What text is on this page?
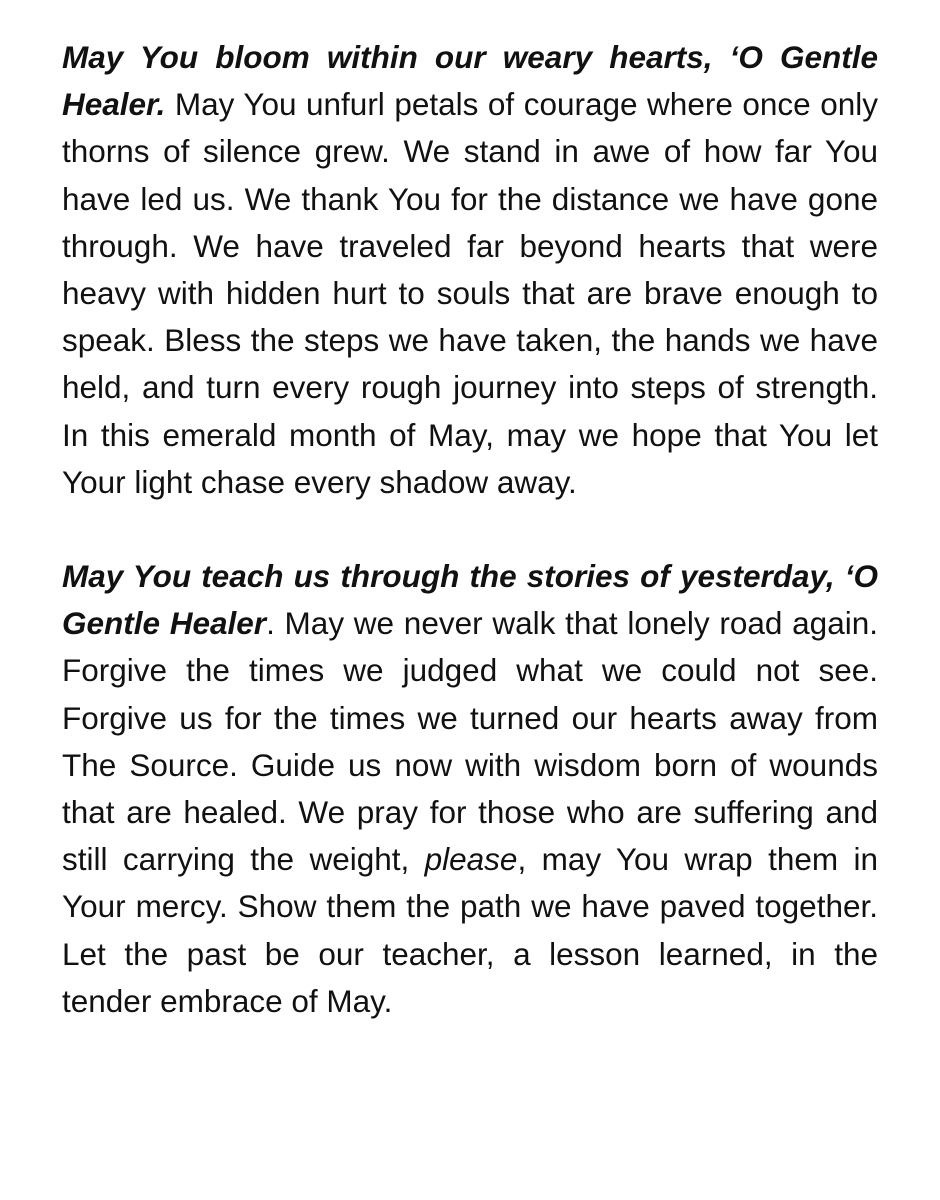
May You bloom within our weary hearts, ‘O Gentle Healer. May You unfurl petals of courage where once only thorns of silence grew. We stand in awe of how far You have led us. We thank You for the distance we have gone through. We have traveled far beyond hearts that were heavy with hidden hurt to souls that are brave enough to speak. Bless the steps we have taken, the hands we have held, and turn every rough journey into steps of strength. In this emerald month of May, may we hope that You let Your light chase every shadow away.

May You teach us through the stories of yesterday, ‘O Gentle Healer. May we never walk that lonely road again. Forgive the times we judged what we could not see. Forgive us for the times we turned our hearts away from The Source. Guide us now with wisdom born of wounds that are healed. We pray for those who are suffering and still carrying the weight, please, may You wrap them in Your mercy. Show them the path we have paved together. Let the past be our teacher, a lesson learned, in the tender embrace of May.
